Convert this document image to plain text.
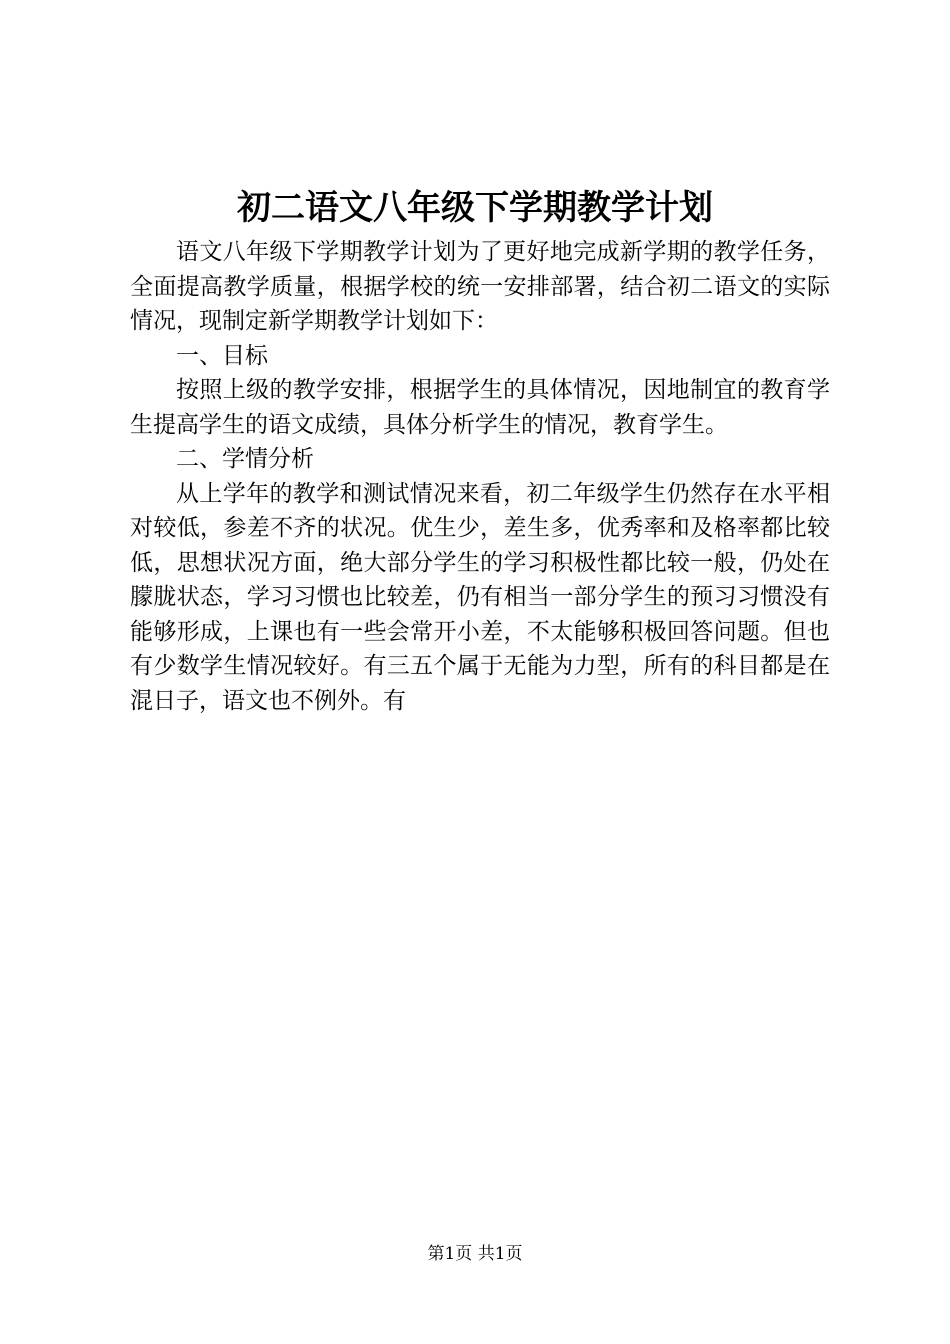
初二语文八年级下学期教学计划

语文八年级下学期教学计划为了更好地完成新学期的教学任务，全面提高教学质量，根据学校的统一安排部署，结合初二语文的实际情况，现制定新学期教学计划如下：

一、目标

按照上级的教学安排，根据学生的具体情况，因地制宜的教育学生提高学生的语文成绩，具体分析学生的情况，教育学生。

二、学情分析

从上学年的教学和测试情况来看，初二年级学生仍然存在水平相对较低，参差不齐的状况。优生少，差生多，优秀率和及格率都比较低，思想状况方面，绝大部分学生的学习积极性都比较一般，仍处在朦胧状态，学习习惯也比较差，仍有相当一部分学生的预习习惯没有能够形成，上课也有一些会常开小差，不太能够积极回答问题。但也有少数学生情况较好。有三五个属于无能为力型，所有的科目都是在混日子，语文也不例外。有

第1页 共1页
